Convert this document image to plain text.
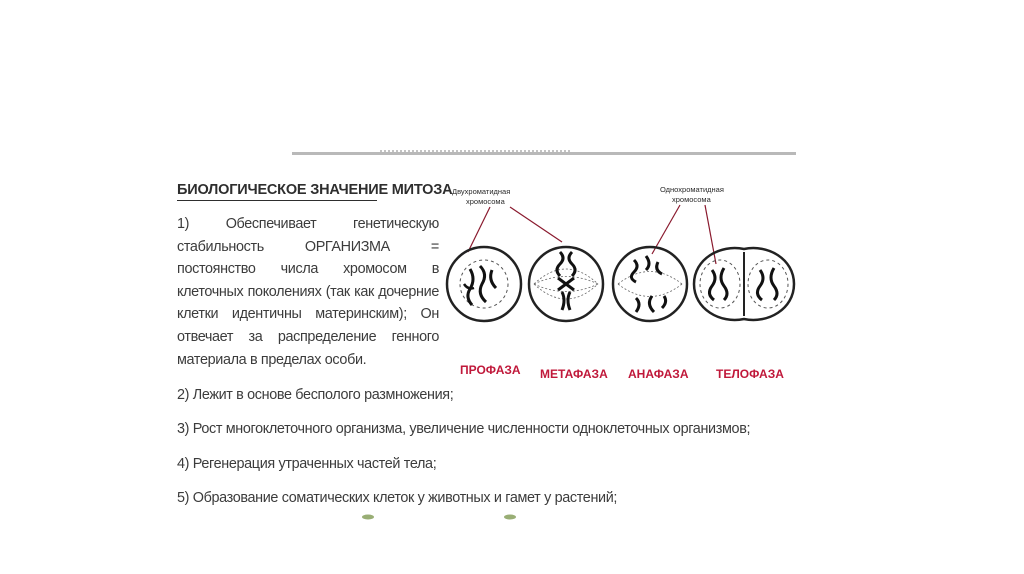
БИОЛОГИЧЕСКОЕ ЗНАЧЕНИЕ МИТОЗА
1) Обеспечивает генетическую стабильность ОРГАНИЗМА = постоянство числа хромосом в клеточных поколениях (так как дочерние клетки идентичны материнским); Он отвечает за распределение генного материала в пределах особи.
2) Лежит в основе бесполого размножения;
3) Рост многоклеточного организма, увеличение численности одноклеточных организмов;
4) Регенерация утраченных частей тела;
5) Образование соматических клеток у животных и гамет у растений;
Двухроматидная
хромосома
Однохроматидная
хромосома
ПРОФАЗА МЕТАФАЗА АНАФАЗА ТЕЛОФАЗА
